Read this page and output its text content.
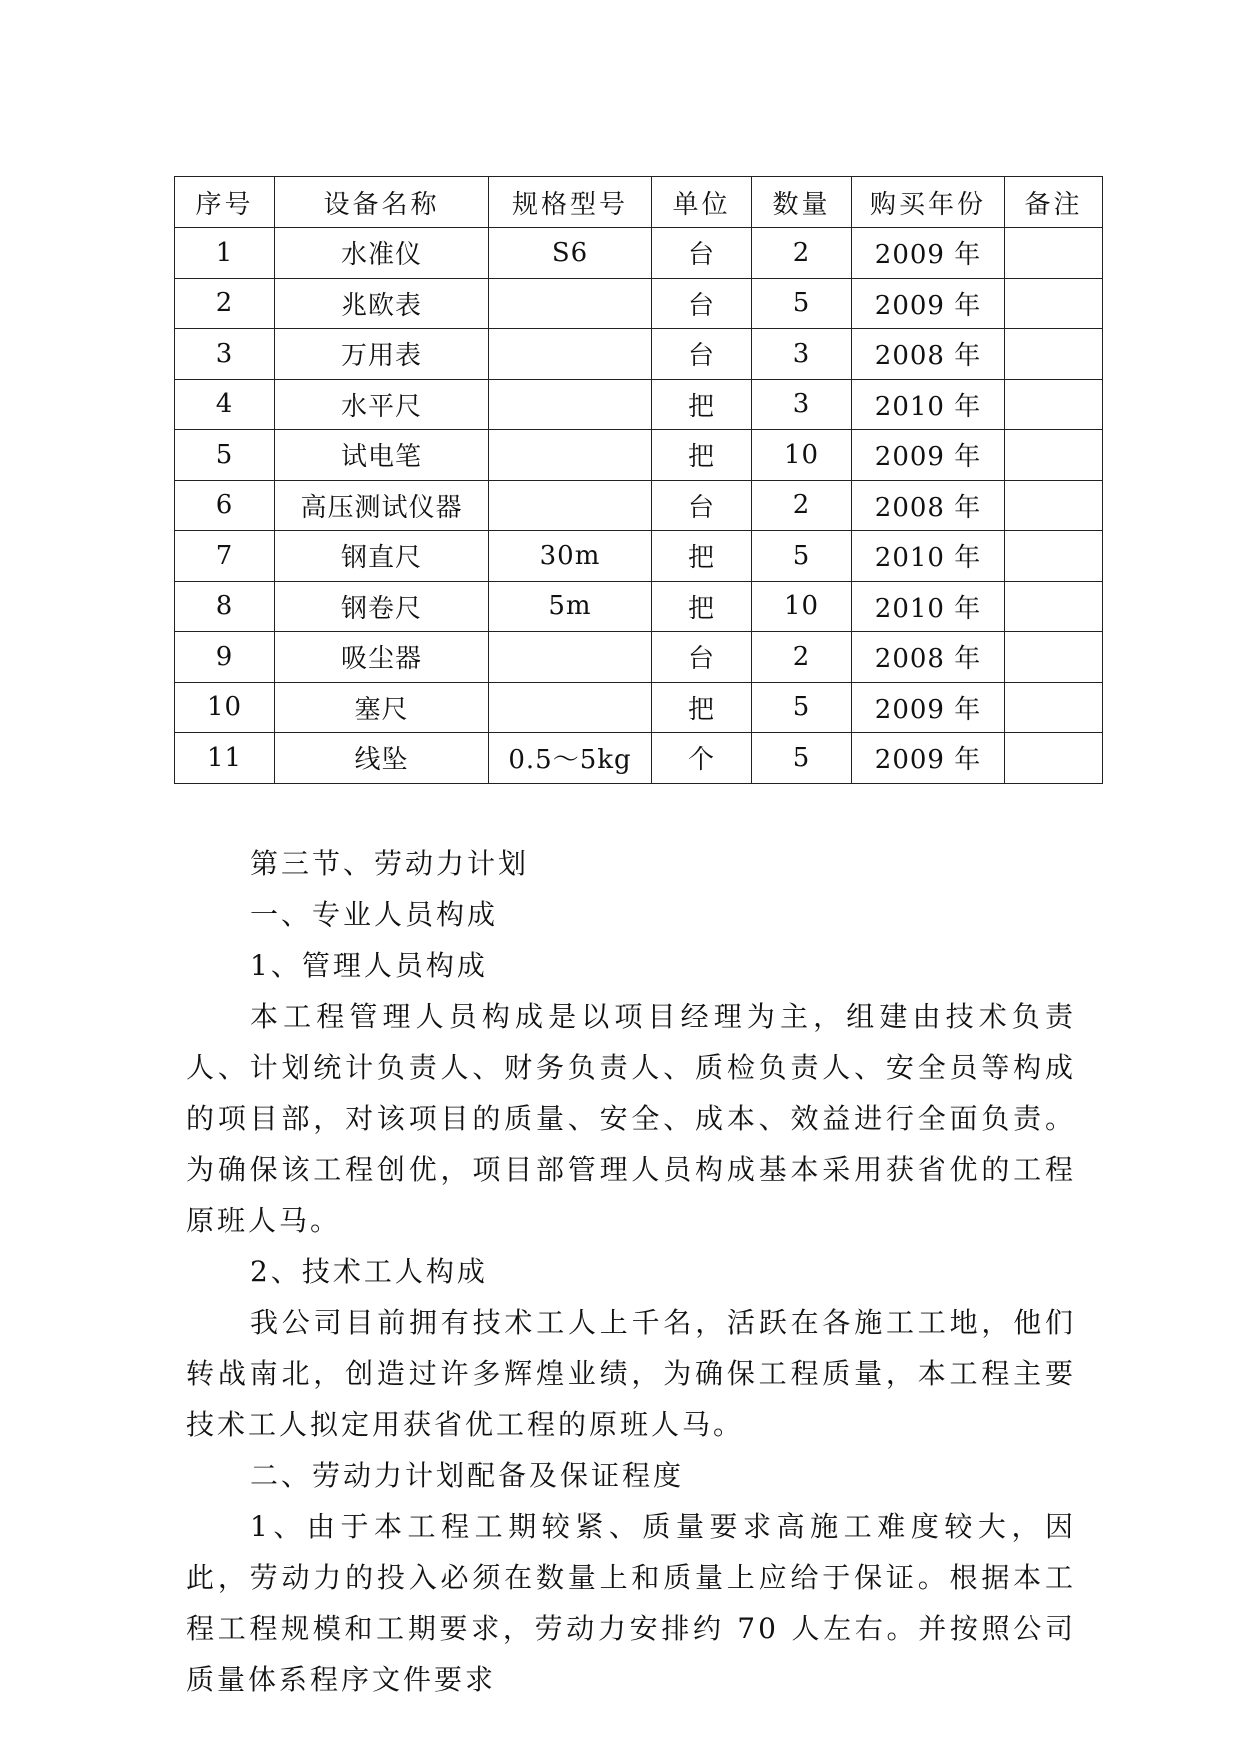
序号	设备名称	规格型号	单位	数量	购买年份	备注
1	水准仪	S6	台	2	2009 年	
2	兆欧表		台	5	2009 年	
3	万用表		台	3	2008 年	
4	水平尺		把	3	2010 年	
5	试电笔		把	10	2009 年	
6	高压测试仪器		台	2	2008 年	
7	钢直尺	30m	把	5	2010 年	
8	钢卷尺	5m	把	10	2010 年	
9	吸尘器		台	2	2008 年	
10	塞尺		把	5	2009 年	
11	线坠	0.5～5kg	个	5	2009 年	

第三节、劳动力计划

一、专业人员构成

1、管理人员构成

本工程管理人员构成是以项目经理为主，组建由技术负责人、计划统计负责人、财务负责人、质检负责人、安全员等构成的项目部，对该项目的质量、安全、成本、效益进行全面负责。为确保该工程创优，项目部管理人员构成基本采用获省优的工程原班人马。

2、技术工人构成

我公司目前拥有技术工人上千名，活跃在各施工工地，他们转战南北，创造过许多辉煌业绩，为确保工程质量，本工程主要技术工人拟定用获省优工程的原班人马。

二、劳动力计划配备及保证程度

1、由于本工程工期较紧、质量要求高施工难度较大，因此，劳动力的投入必须在数量上和质量上应给于保证。根据本工程工程规模和工期要求，劳动力安排约 70 人左右。并按照公司质量体系程序文件要求
